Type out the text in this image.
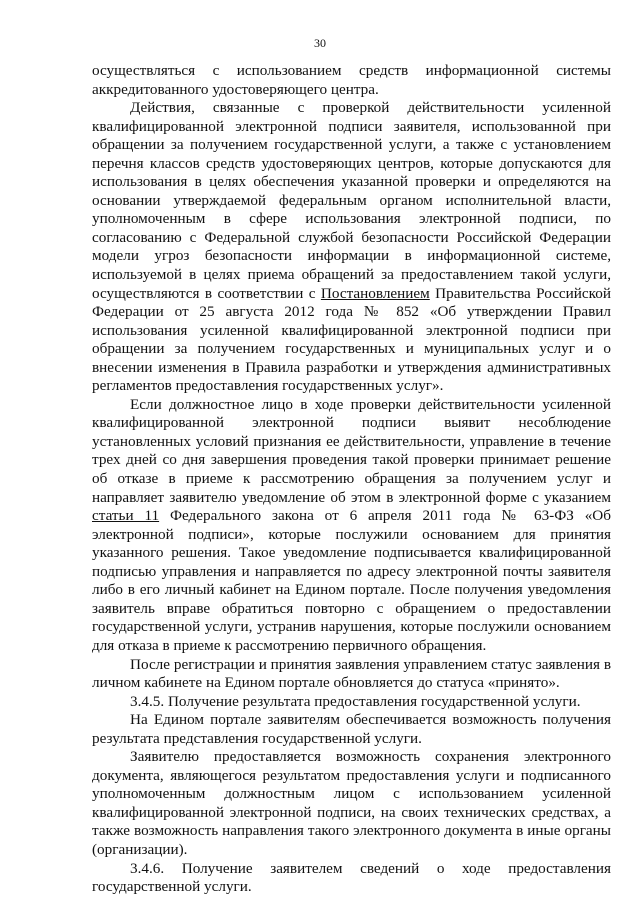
30

осуществляться с использованием средств информационной системы аккредитованного удостоверяющего центра.

Действия, связанные с проверкой действительности усиленной квалифицированной электронной подписи заявителя, использованной при обращении за получением государственной услуги, а также с установлением перечня классов средств удостоверяющих центров, которые допускаются для использования в целях обеспечения указанной проверки и определяются на основании утверждаемой федеральным органом исполнительной власти, уполномоченным в сфере использования электронной подписи, по согласованию с Федеральной службой безопасности Российской Федерации модели угроз безопасности информации в информационной системе, используемой в целях приема обращений за предоставлением такой услуги, осуществляются в соответствии с Постановлением Правительства Российской Федерации от 25 августа 2012 года № 852 «Об утверждении Правил использования усиленной квалифицированной электронной подписи при обращении за получением государственных и муниципальных услуг и о внесении изменения в Правила разработки и утверждения административных регламентов предоставления государственных услуг».

Если должностное лицо в ходе проверки действительности усиленной квалифицированной электронной подписи выявит несоблюдение установленных условий признания ее действительности, управление в течение трех дней со дня завершения проведения такой проверки принимает решение об отказе в приеме к рассмотрению обращения за получением услуг и направляет заявителю уведомление об этом в электронной форме с указанием статьи 11 Федерального закона от 6 апреля 2011 года № 63-ФЗ «Об электронной подписи», которые послужили основанием для принятия указанного решения. Такое уведомление подписывается квалифицированной подписью управления и направляется по адресу электронной почты заявителя либо в его личный кабинет на Едином портале. После получения уведомления заявитель вправе обратиться повторно с обращением о предоставлении государственной услуги, устранив нарушения, которые послужили основанием для отказа в приеме к рассмотрению первичного обращения.

После регистрации и принятия заявления управлением статус заявления в личном кабинете на Едином портале обновляется до статуса «принято».

3.4.5. Получение результата предоставления государственной услуги.

На Едином портале заявителям обеспечивается возможность получения результата представления государственной услуги.

Заявителю предоставляется возможность сохранения электронного документа, являющегося результатом предоставления услуги и подписанного уполномоченным должностным лицом с использованием усиленной квалифицированной электронной подписи, на своих технических средствах, а также возможность направления такого электронного документа в иные органы (организации).

3.4.6. Получение заявителем сведений о ходе предоставления государственной услуги.
